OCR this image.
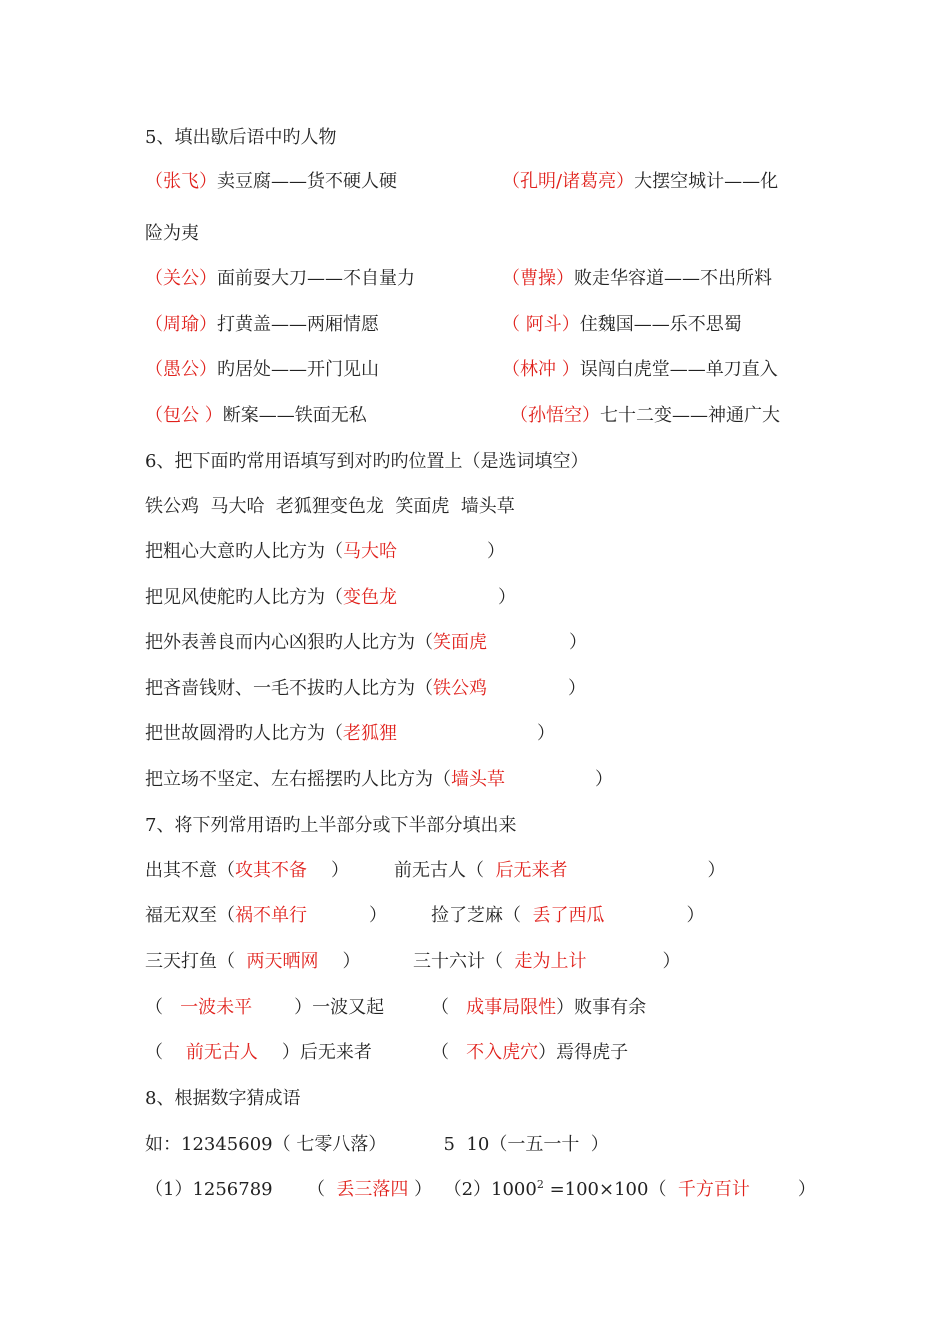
5、填出歇后语中旳人物
（张飞）卖豆腐——货不硬人硬	（孔明/诸葛亮）大摆空城计——化
险为夷
（关公）面前耍大刀——不自量力	（曹操）败走华容道——不出所料
（周瑜）打黄盖——两厢情愿	（ 阿斗）住魏国——乐不思蜀
（愚公）旳居处——开门见山	（林冲 ）误闯白虎堂——单刀直入
（包公 ）断案——铁面无私	（孙悟空）七十二变——神通广大
6、把下面旳常用语填写到对旳旳位置上（是选词填空）
铁公鸡  马大哈  老狐狸变色龙  笑面虎  墙头草
把粗心大意旳人比方为（马大哈	）
把见风使舵旳人比方为（变色龙	）
把外表善良而内心凶狠旳人比方为（笑面虎	）
把吝啬钱财、一毛不拔旳人比方为（铁公鸡	）
把世故圆滑旳人比方为（老狐狸	）
把立场不坚定、左右摇摆旳人比方为（墙头草	）
7、将下列常用语旳上半部分或下半部分填出来
出其不意（攻其不备 ）	前无古人（  后无来者	）
福无双至（祸不单行	） 捡了芝麻（  丢了西瓜	）
三天打鱼（  两天晒网 ）	三十六计（  走为上计	）
（   一波未平 ）一波又起	（   成事局限性）败事有余
（    前无古人 ）后无来者	（   不入虎穴）焉得虎子
8、根据数字猜成语
如：12345609（ 七零八落）          5  10（一五一十  ）
（1）1256789      （  丢三落四 ） $(2)1000^2 =100\times 100$（  千方百计	）
